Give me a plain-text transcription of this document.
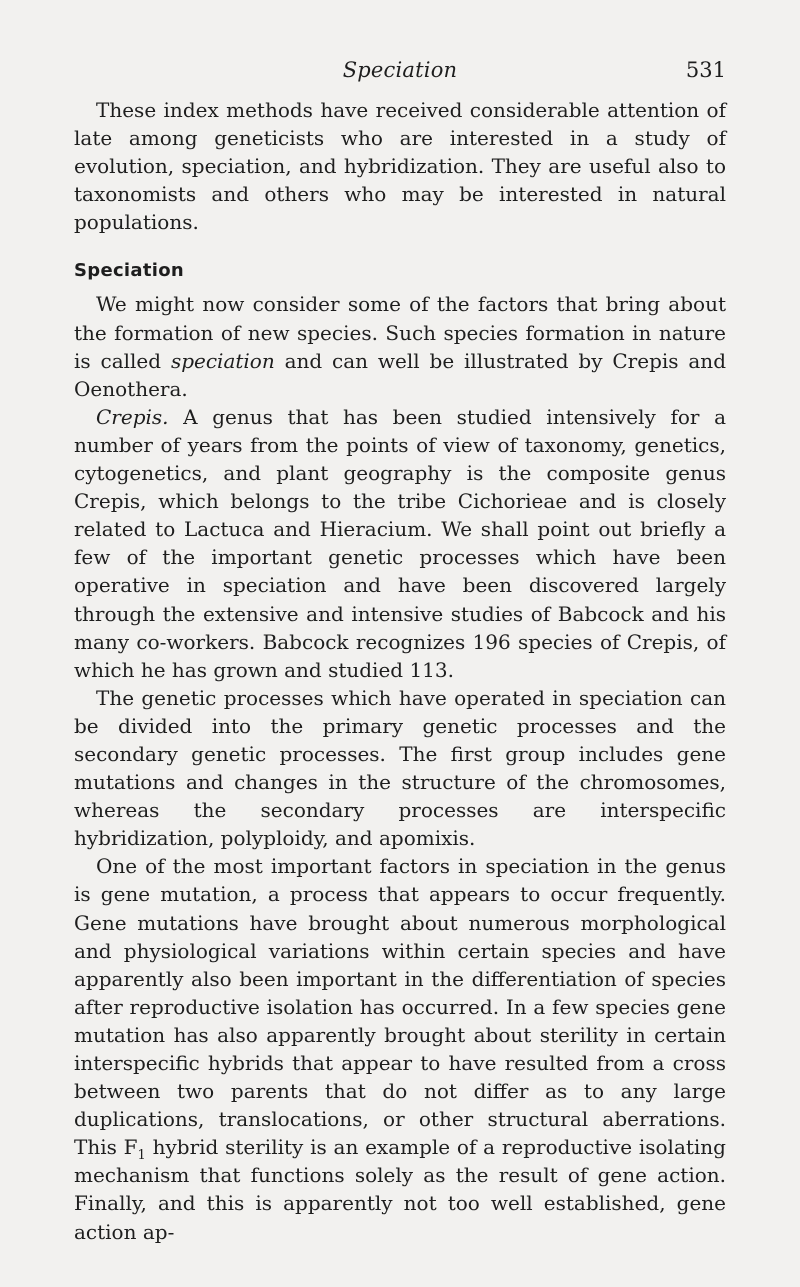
Speciation	531

These index methods have received considerable attention of late among geneticists who are interested in a study of evolution, speciation, and hybridization. They are useful also to taxonomists and others who may be interested in natural populations.

Speciation

We might now consider some of the factors that bring about the formation of new species. Such species formation in nature is called speciation and can well be illustrated by Crepis and Oenothera.

Crepis. A genus that has been studied intensively for a number of years from the points of view of taxonomy, genetics, cytogenetics, and plant geography is the composite genus Crepis, which belongs to the tribe Cichorieae and is closely related to Lactuca and Hieracium. We shall point out briefly a few of the important genetic processes which have been operative in speciation and have been discovered largely through the extensive and intensive studies of Babcock and his many co-workers. Babcock recognizes 196 species of Crepis, of which he has grown and studied 113.

The genetic processes which have operated in speciation can be divided into the primary genetic processes and the secondary genetic processes. The first group includes gene mutations and changes in the structure of the chromosomes, whereas the secondary processes are interspecific hybridization, polyploidy, and apomixis.

One of the most important factors in speciation in the genus is gene mutation, a process that appears to occur frequently. Gene mutations have brought about numerous morphological and physiological variations within certain species and have apparently also been important in the differentiation of species after reproductive isolation has occurred. In a few species gene mutation has also apparently brought about sterility in certain interspecific hybrids that appear to have resulted from a cross between two parents that do not differ as to any large duplications, translocations, or other structural aberrations. This $F_1$ hybrid sterility is an example of a reproductive isolating mechanism that functions solely as the result of gene action. Finally, and this is apparently not too well established, gene action ap-
